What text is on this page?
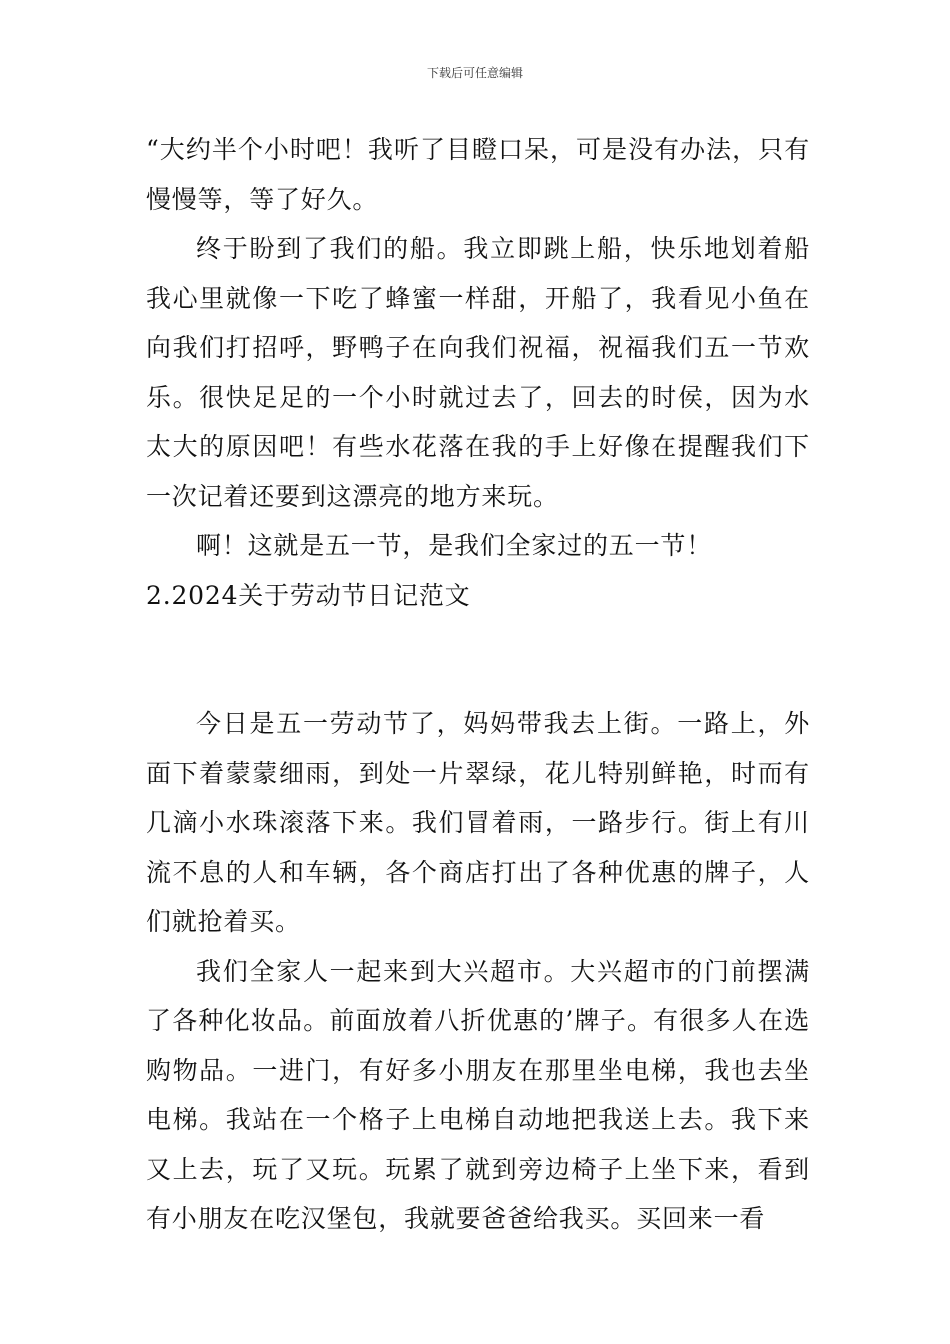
下载后可任意编辑

“大约半个小时吧！我听了目瞪口呆，可是没有办法，只有慢慢等，等了好久。

终于盼到了我们的船。我立即跳上船，快乐地划着船我心里就像一下吃了蜂蜜一样甜，开船了，我看见小鱼在向我们打招呼，野鸭子在向我们祝福，祝福我们五一节欢乐。很快足足的一个小时就过去了，回去的时侯，因为水太大的原因吧！有些水花落在我的手上好像在提醒我们下一次记着还要到这漂亮的地方来玩。

啊！这就是五一节，是我们全家过的五一节！

2.2024关于劳动节日记范文

今日是五一劳动节了，妈妈带我去上街。一路上，外面下着蒙蒙细雨，到处一片翠绿，花儿特别鲜艳，时而有几滴小水珠滚落下来。我们冒着雨，一路步行。街上有川流不息的人和车辆，各个商店打出了各种优惠的牌子，人们就抢着买。

我们全家人一起来到大兴超市。大兴超市的门前摆满了各种化妆品。前面放着八折优惠的’牌子。有很多人在选购物品。一进门，有好多小朋友在那里坐电梯，我也去坐电梯。我站在一个格子上电梯自动地把我送上去。我下来又上去，玩了又玩。玩累了就到旁边椅子上坐下来，看到有小朋友在吃汉堡包，我就要爸爸给我买。买回来一看
